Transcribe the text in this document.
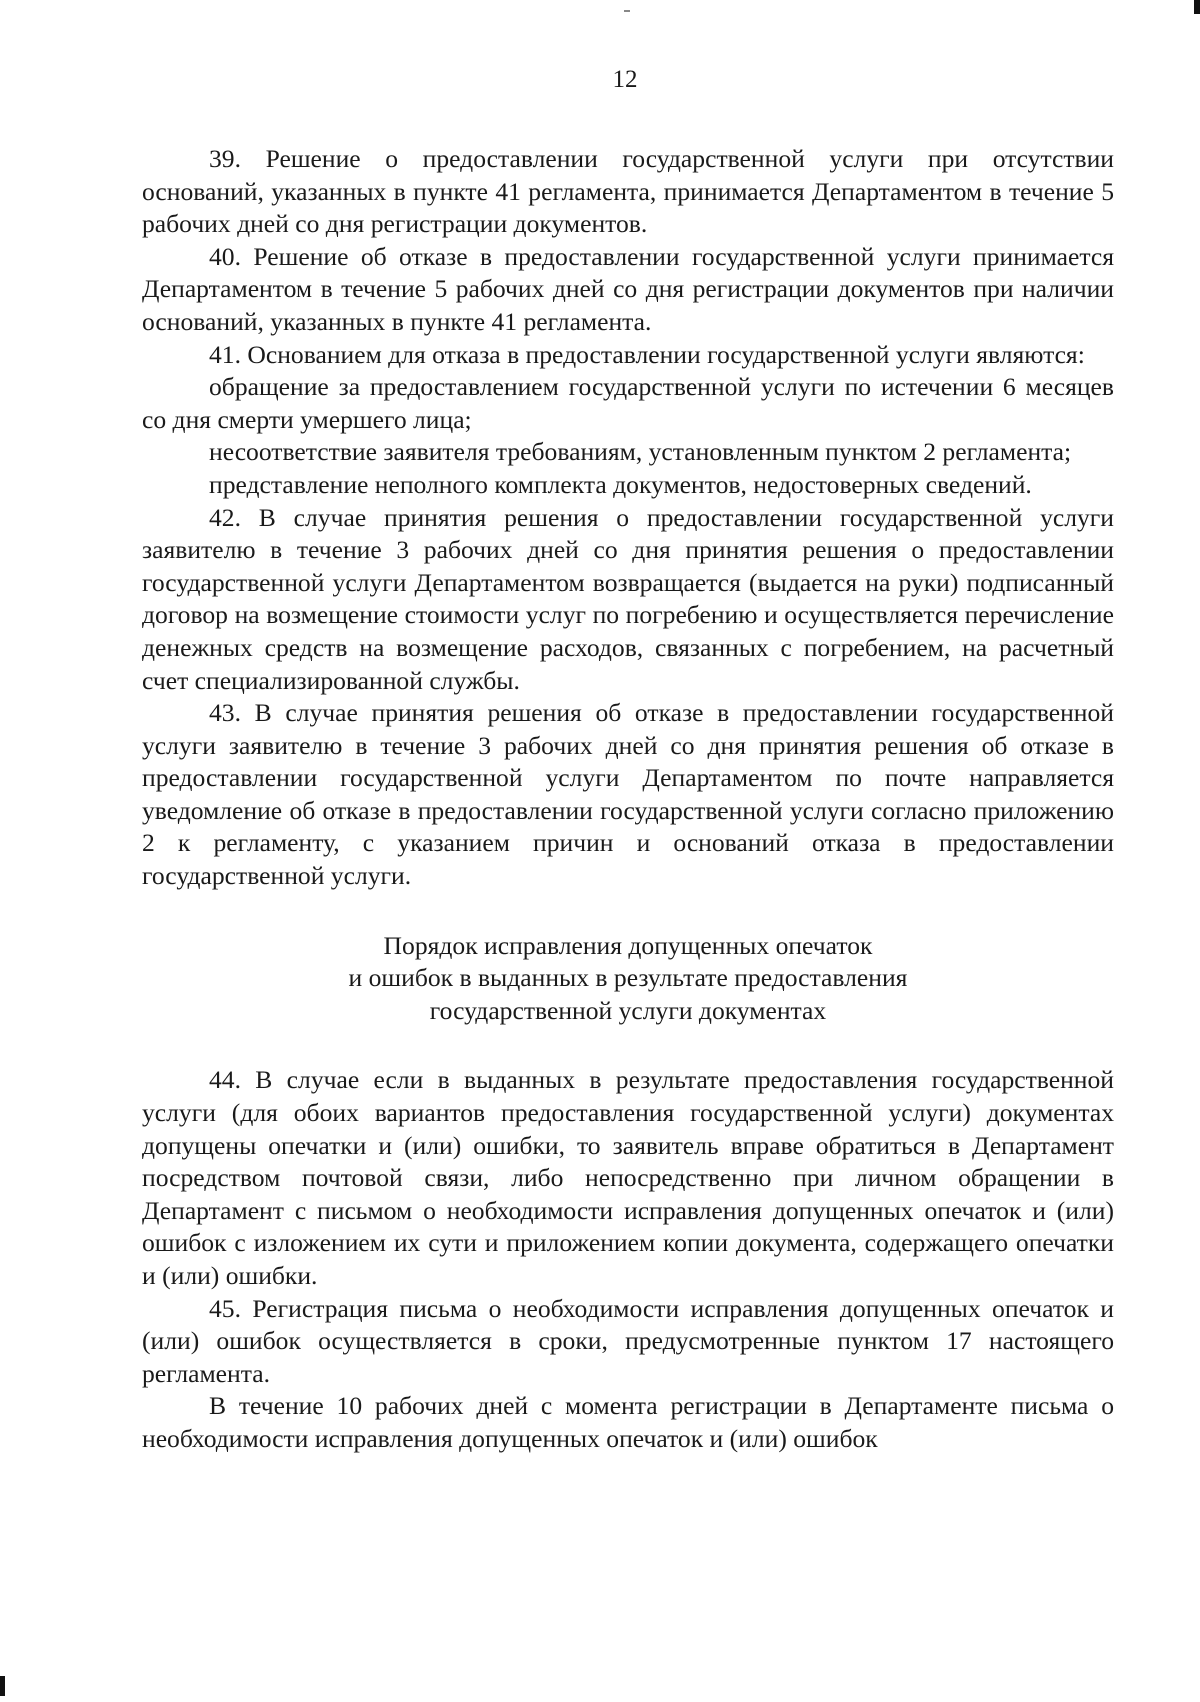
12

39. Решение о предоставлении государственной услуги при отсутствии оснований, указанных в пункте 41 регламента, принимается Департаментом в течение 5 рабочих дней со дня регистрации документов.

40. Решение об отказе в предоставлении государственной услуги принимается Департаментом в течение 5 рабочих дней со дня регистрации документов при наличии оснований, указанных в пункте 41 регламента.

41. Основанием для отказа в предоставлении государственной услуги являются:

обращение за предоставлением государственной услуги по истечении 6 месяцев со дня смерти умершего лица;

несоответствие заявителя требованиям, установленным пунктом 2 регламента;

представление неполного комплекта документов, недостоверных сведений.

42. В случае принятия решения о предоставлении государственной услуги заявителю в течение 3 рабочих дней со дня принятия решения о предоставлении государственной услуги Департаментом возвращается (выдается на руки) подписанный договор на возмещение стоимости услуг по погребению и осуществляется перечисление денежных средств на возмещение расходов, связанных с погребением, на расчетный счет специализированной службы.

43. В случае принятия решения об отказе в предоставлении государственной услуги заявителю в течение 3 рабочих дней со дня принятия решения об отказе в предоставлении государственной услуги Департаментом по почте направляется уведомление об отказе в предоставлении государственной услуги согласно приложению 2 к регламенту, с указанием причин и оснований отказа в предоставлении государственной услуги.

Порядок исправления допущенных опечаток
и ошибок в выданных в результате предоставления
государственной услуги документах

44. В случае если в выданных в результате предоставления государственной услуги (для обоих вариантов предоставления государственной услуги) документах допущены опечатки и (или) ошибки, то заявитель вправе обратиться в Департамент посредством почтовой связи, либо непосредственно при личном обращении в Департамент с письмом о необходимости исправления допущенных опечаток и (или) ошибок с изложением их сути и приложением копии документа, содержащего опечатки и (или) ошибки.

45. Регистрация письма о необходимости исправления допущенных опечаток и (или) ошибок осуществляется в сроки, предусмотренные пунктом 17 настоящего регламента.

В течение 10 рабочих дней с момента регистрации в Департаменте письма о необходимости исправления допущенных опечаток и (или) ошибок
